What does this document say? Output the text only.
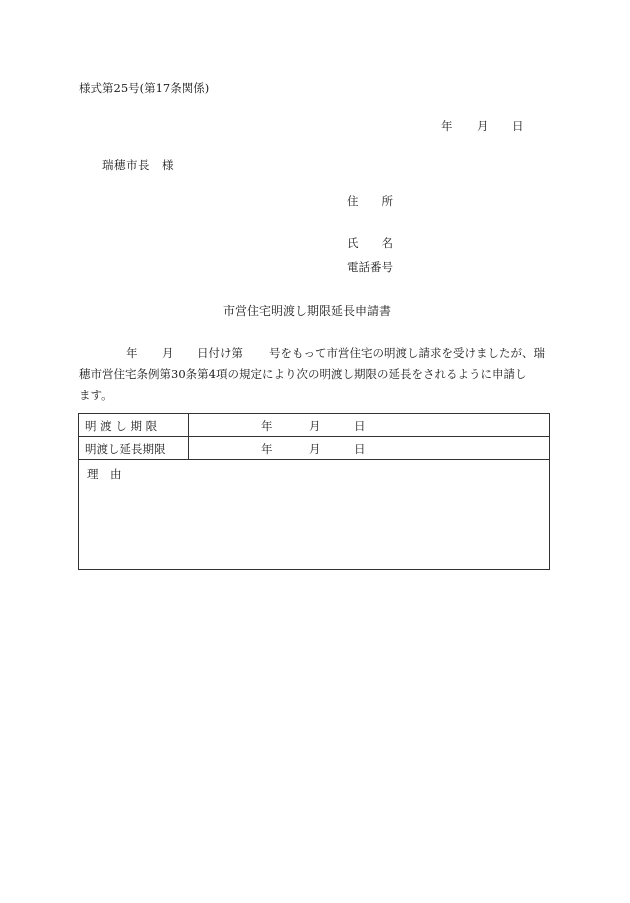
様式第25号(第17条関係)
年 月 日
瑞穂市長　様
住　　所
氏　　名
電話番号
市営住宅明渡し期限延長申請書
年 月 日付け第 号をもって市営住宅の明渡し請求を受けましたが、瑞
穂市営住宅条例第30条第4項の規定により次の明渡し期限の延長をされるように申請し
ます。
明 渡 し 期 限	年	月	日
明渡し延長期限	年	月	日
理　由
